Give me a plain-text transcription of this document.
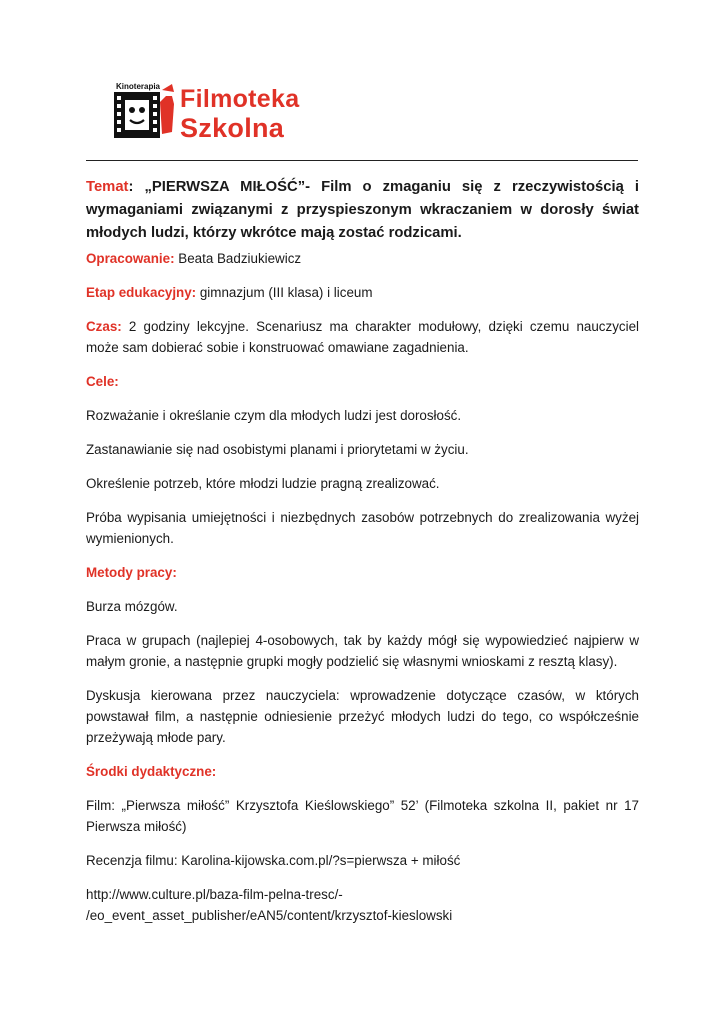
Kinoterapia Filmoteka
Szkolna

Temat: „PIERWSZA MIŁOŚĆ”- Film o zmaganiu się z rzeczywistością i wymaganiami związanymi z przyspieszonym wkraczaniem w dorosły świat młodych ludzi, którzy wkrótce mają zostać rodzicami.

Opracowanie: Beata Badziukiewicz

Etap edukacyjny: gimnazjum (III klasa) i liceum

Czas: 2 godziny lekcyjne. Scenariusz ma charakter modułowy, dzięki czemu nauczyciel może sam dobierać sobie i konstruować omawiane zagadnienia.

Cele:

Rozważanie i określanie czym dla młodych ludzi jest dorosłość.

Zastanawianie się nad osobistymi planami i priorytetami w życiu.

Określenie potrzeb, które młodzi ludzie pragną zrealizować.

Próba wypisania umiejętności i niezbędnych zasobów potrzebnych do zrealizowania wyżej wymienionych.

Metody pracy:

Burza mózgów.

Praca w grupach (najlepiej 4-osobowych, tak by każdy mógł się wypowiedzieć najpierw w małym gronie, a następnie grupki mogły podzielić się własnymi wnioskami z resztą klasy).

Dyskusja kierowana przez nauczyciela: wprowadzenie dotyczące czasów, w których powstawał film, a następnie odniesienie przeżyć młodych ludzi do tego, co współcześnie przeżywają młode pary.

Środki dydaktyczne:

Film: „Pierwsza miłość” Krzysztofa Kieślowskiego” 52’ (Filmoteka szkolna II, pakiet nr 17 Pierwsza miłość)

Recenzja filmu: Karolina-kijowska.com.pl/?s=pierwsza + miłość

http://www.culture.pl/baza-film-pelna-tresc/-
/eo_event_asset_publisher/eAN5/content/krzysztof-kieslowski
